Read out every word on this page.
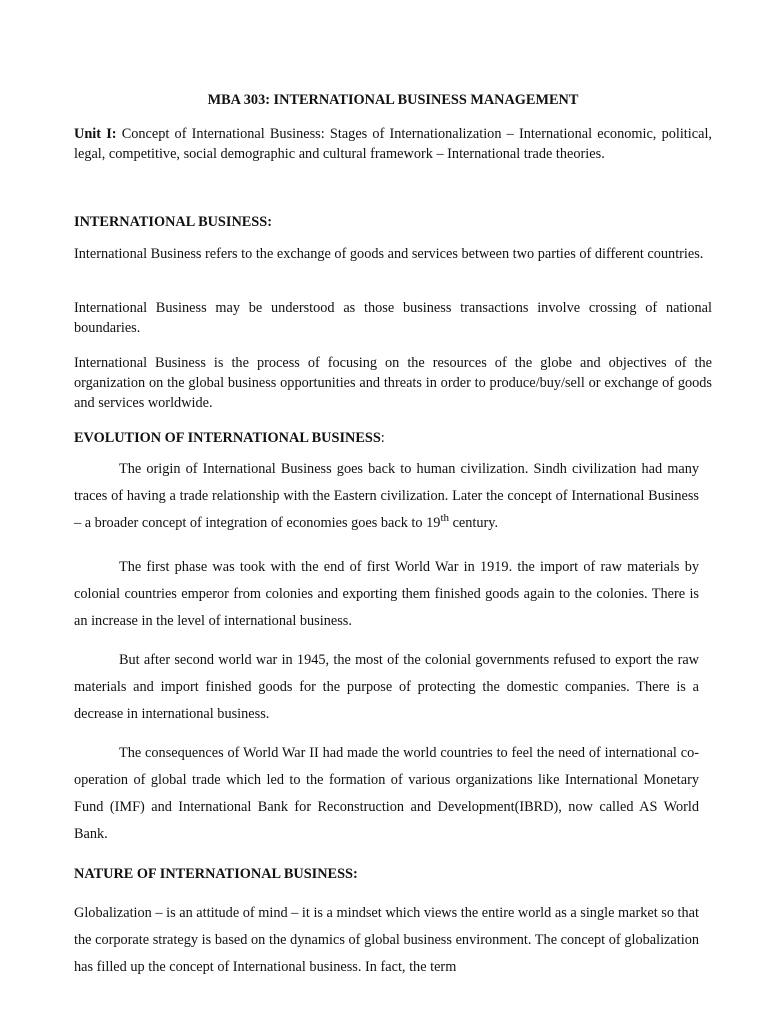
MBA 303: INTERNATIONAL BUSINESS MANAGEMENT
Unit I: Concept of International Business: Stages of Internationalization – International economic, political, legal, competitive, social demographic and cultural framework – International trade theories.
INTERNATIONAL BUSINESS:
International Business refers to the exchange of goods and services between two parties of different countries.
International Business may be understood as those business transactions involve crossing of national boundaries.
International Business is the process of focusing on the resources of the globe and objectives of the organization on the global business opportunities and threats in order to produce/buy/sell or exchange of goods and services worldwide.
EVOLUTION OF INTERNATIONAL BUSINESS:
The origin of International Business goes back to human civilization. Sindh civilization had many traces of having a trade relationship with the Eastern civilization. Later the concept of International Business – a broader concept of integration of economies goes back to 19th century.
The first phase was took with the end of first World War in 1919. the import of raw materials by colonial countries emperor from colonies and exporting them finished goods again to the colonies. There is an increase in the level of international business.
But after second world war in 1945, the most of the colonial governments refused to export the raw materials and import finished goods for the purpose of protecting the domestic companies. There is a decrease in international business.
The consequences of World War II had made the world countries to feel the need of international co-operation of global trade which led to the formation of various organizations like International Monetary Fund (IMF) and International Bank for Reconstruction and Development(IBRD), now called AS World Bank.
NATURE OF INTERNATIONAL BUSINESS:
Globalization – is an attitude of mind – it is a mindset which views the entire world as a single market so that the corporate strategy is based on the dynamics of global business environment. The concept of globalization has filled up the concept of International business. In fact, the term
